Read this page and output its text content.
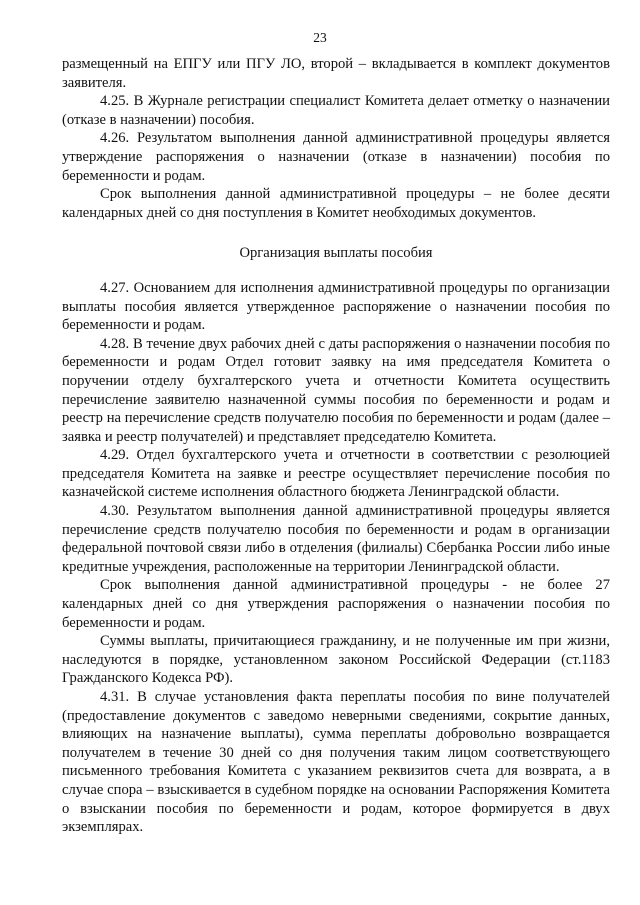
23

размещенный на ЕПГУ или ПГУ ЛО, второй – вкладывается в комплект документов заявителя.

4.25. В Журнале регистрации специалист Комитета делает отметку о назначении (отказе в назначении) пособия.

4.26. Результатом выполнения данной административной процедуры является утверждение распоряжения о назначении (отказе в назначении) пособия по беременности и родам.

Срок выполнения данной административной процедуры – не более десяти календарных дней со дня поступления в Комитет необходимых документов.

Организация выплаты пособия

4.27. Основанием для исполнения административной процедуры по организации выплаты пособия является утвержденное распоряжение о назначении пособия по беременности и родам.

4.28. В течение двух рабочих дней с даты распоряжения о назначении пособия по беременности и родам Отдел готовит заявку на имя председателя Комитета о поручении отделу бухгалтерского учета и отчетности Комитета осуществить перечисление заявителю назначенной суммы пособия по беременности и родам и реестр на перечисление средств получателю пособия по беременности и родам (далее – заявка и реестр получателей) и представляет председателю Комитета.

4.29. Отдел бухгалтерского учета и отчетности в соответствии с резолюцией председателя Комитета на заявке и реестре осуществляет перечисление пособия по казначейской системе исполнения областного бюджета Ленинградской области.

4.30. Результатом выполнения данной административной процедуры является перечисление средств получателю пособия по беременности и родам в организации федеральной почтовой связи либо в отделения (филиалы) Сбербанка России либо иные кредитные учреждения, расположенные на территории Ленинградской области.

Срок выполнения данной административной процедуры - не более 27 календарных дней со дня утверждения распоряжения о назначении пособия по беременности и родам.

Суммы выплаты, причитающиеся гражданину, и не полученные им при жизни, наследуются в порядке, установленном законом Российской Федерации (ст.1183 Гражданского Кодекса РФ).

4.31. В случае установления факта переплаты пособия по вине получателей (предоставление документов с заведомо неверными сведениями, сокрытие данных, влияющих на назначение выплаты), сумма переплаты добровольно возвращается получателем в течение 30 дней со дня получения таким лицом соответствующего письменного требования Комитета с указанием реквизитов счета для возврата, а в случае спора – взыскивается в судебном порядке на основании Распоряжения Комитета о взыскании пособия по беременности и родам, которое формируется в двух экземплярах.
